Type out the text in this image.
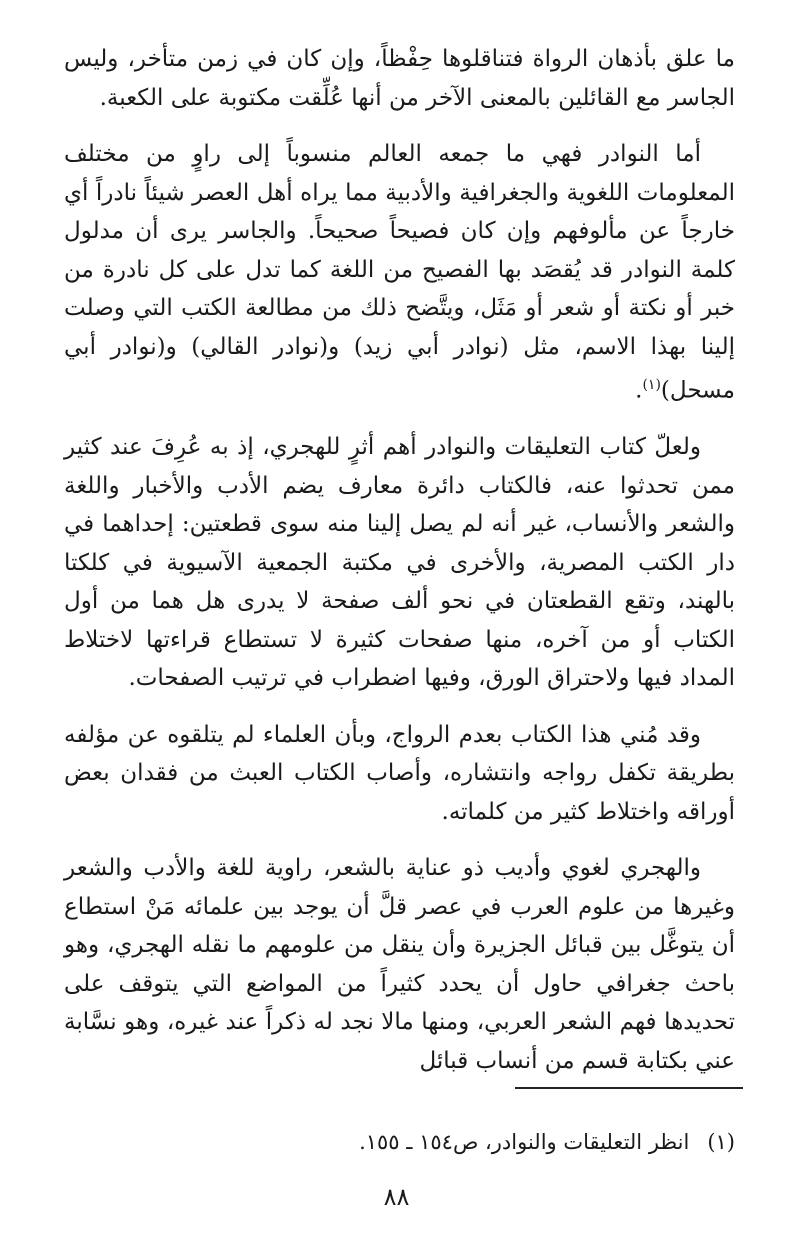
ما علق بأذهان الرواة فتناقلوها حِفْظاً، وإن كان في زمن متأخر، وليس الجاسر مع القائلين بالمعنى الآخر من أنها عُلِّقت مكتوبة على الكعبة.

أما النوادر فهي ما جمعه العالم منسوباً إلى راوٍ من مختلف المعلومات اللغوية والجغرافية والأدبية مما يراه أهل العصر شيئاً نادراً أي خارجاً عن مألوفهم وإن كان فصيحاً صحيحاً. والجاسر يرى أن مدلول كلمة النوادر قد يُقصَد بها الفصيح من اللغة كما تدل على كل نادرة من خبر أو نكتة أو شعر أو مَثَل، ويتَّضح ذلك من مطالعة الكتب التي وصلت إلينا بهذا الاسم، مثل (نوادر أبي زيد) و(نوادر القالي) و(نوادر أبي مسحل)$^{(١)}$.

ولعلّ كتاب التعليقات والنوادر أهم أثرٍ للهجري، إذ به عُرِفَ عند كثير ممن تحدثوا عنه، فالكتاب دائرة معارف يضم الأدب والأخبار واللغة والشعر والأنساب، غير أنه لم يصل إلينا منه سوى قطعتين: إحداهما في دار الكتب المصرية، والأخرى في مكتبة الجمعية الآسيوية في كلكتا بالهند، وتقع القطعتان في نحو ألف صفحة لا يدرى هل هما من أول الكتاب أو من آخره، منها صفحات كثيرة لا تستطاع قراءتها لاختلاط المداد فيها ولاحتراق الورق، وفيها اضطراب في ترتيب الصفحات.

وقد مُني هذا الكتاب بعدم الرواج، وبأن العلماء لم يتلقوه عن مؤلفه بطريقة تكفل رواجه وانتشاره، وأصاب الكتاب العبث من فقدان بعض أوراقه واختلاط كثير من كلماته.

والهجري لغوي وأديب ذو عناية بالشعر، راوية للغة والأدب والشعر وغيرها من علوم العرب في عصر قلَّ أن يوجد بين علمائه مَنْ استطاع أن يتوغَّل بين قبائل الجزيرة وأن ينقل من علومهم ما نقله الهجري، وهو باحث جغرافي حاول أن يحدد كثيراً من المواضع التي يتوقف على تحديدها فهم الشعر العربي، ومنها مالا نجد له ذكراً عند غيره، وهو نسَّابة عني بكتابة قسم من أنساب قبائل

(١)انظر التعليقات والنوادر، ص١٥٤ ـ ١٥٥.
٨٨
